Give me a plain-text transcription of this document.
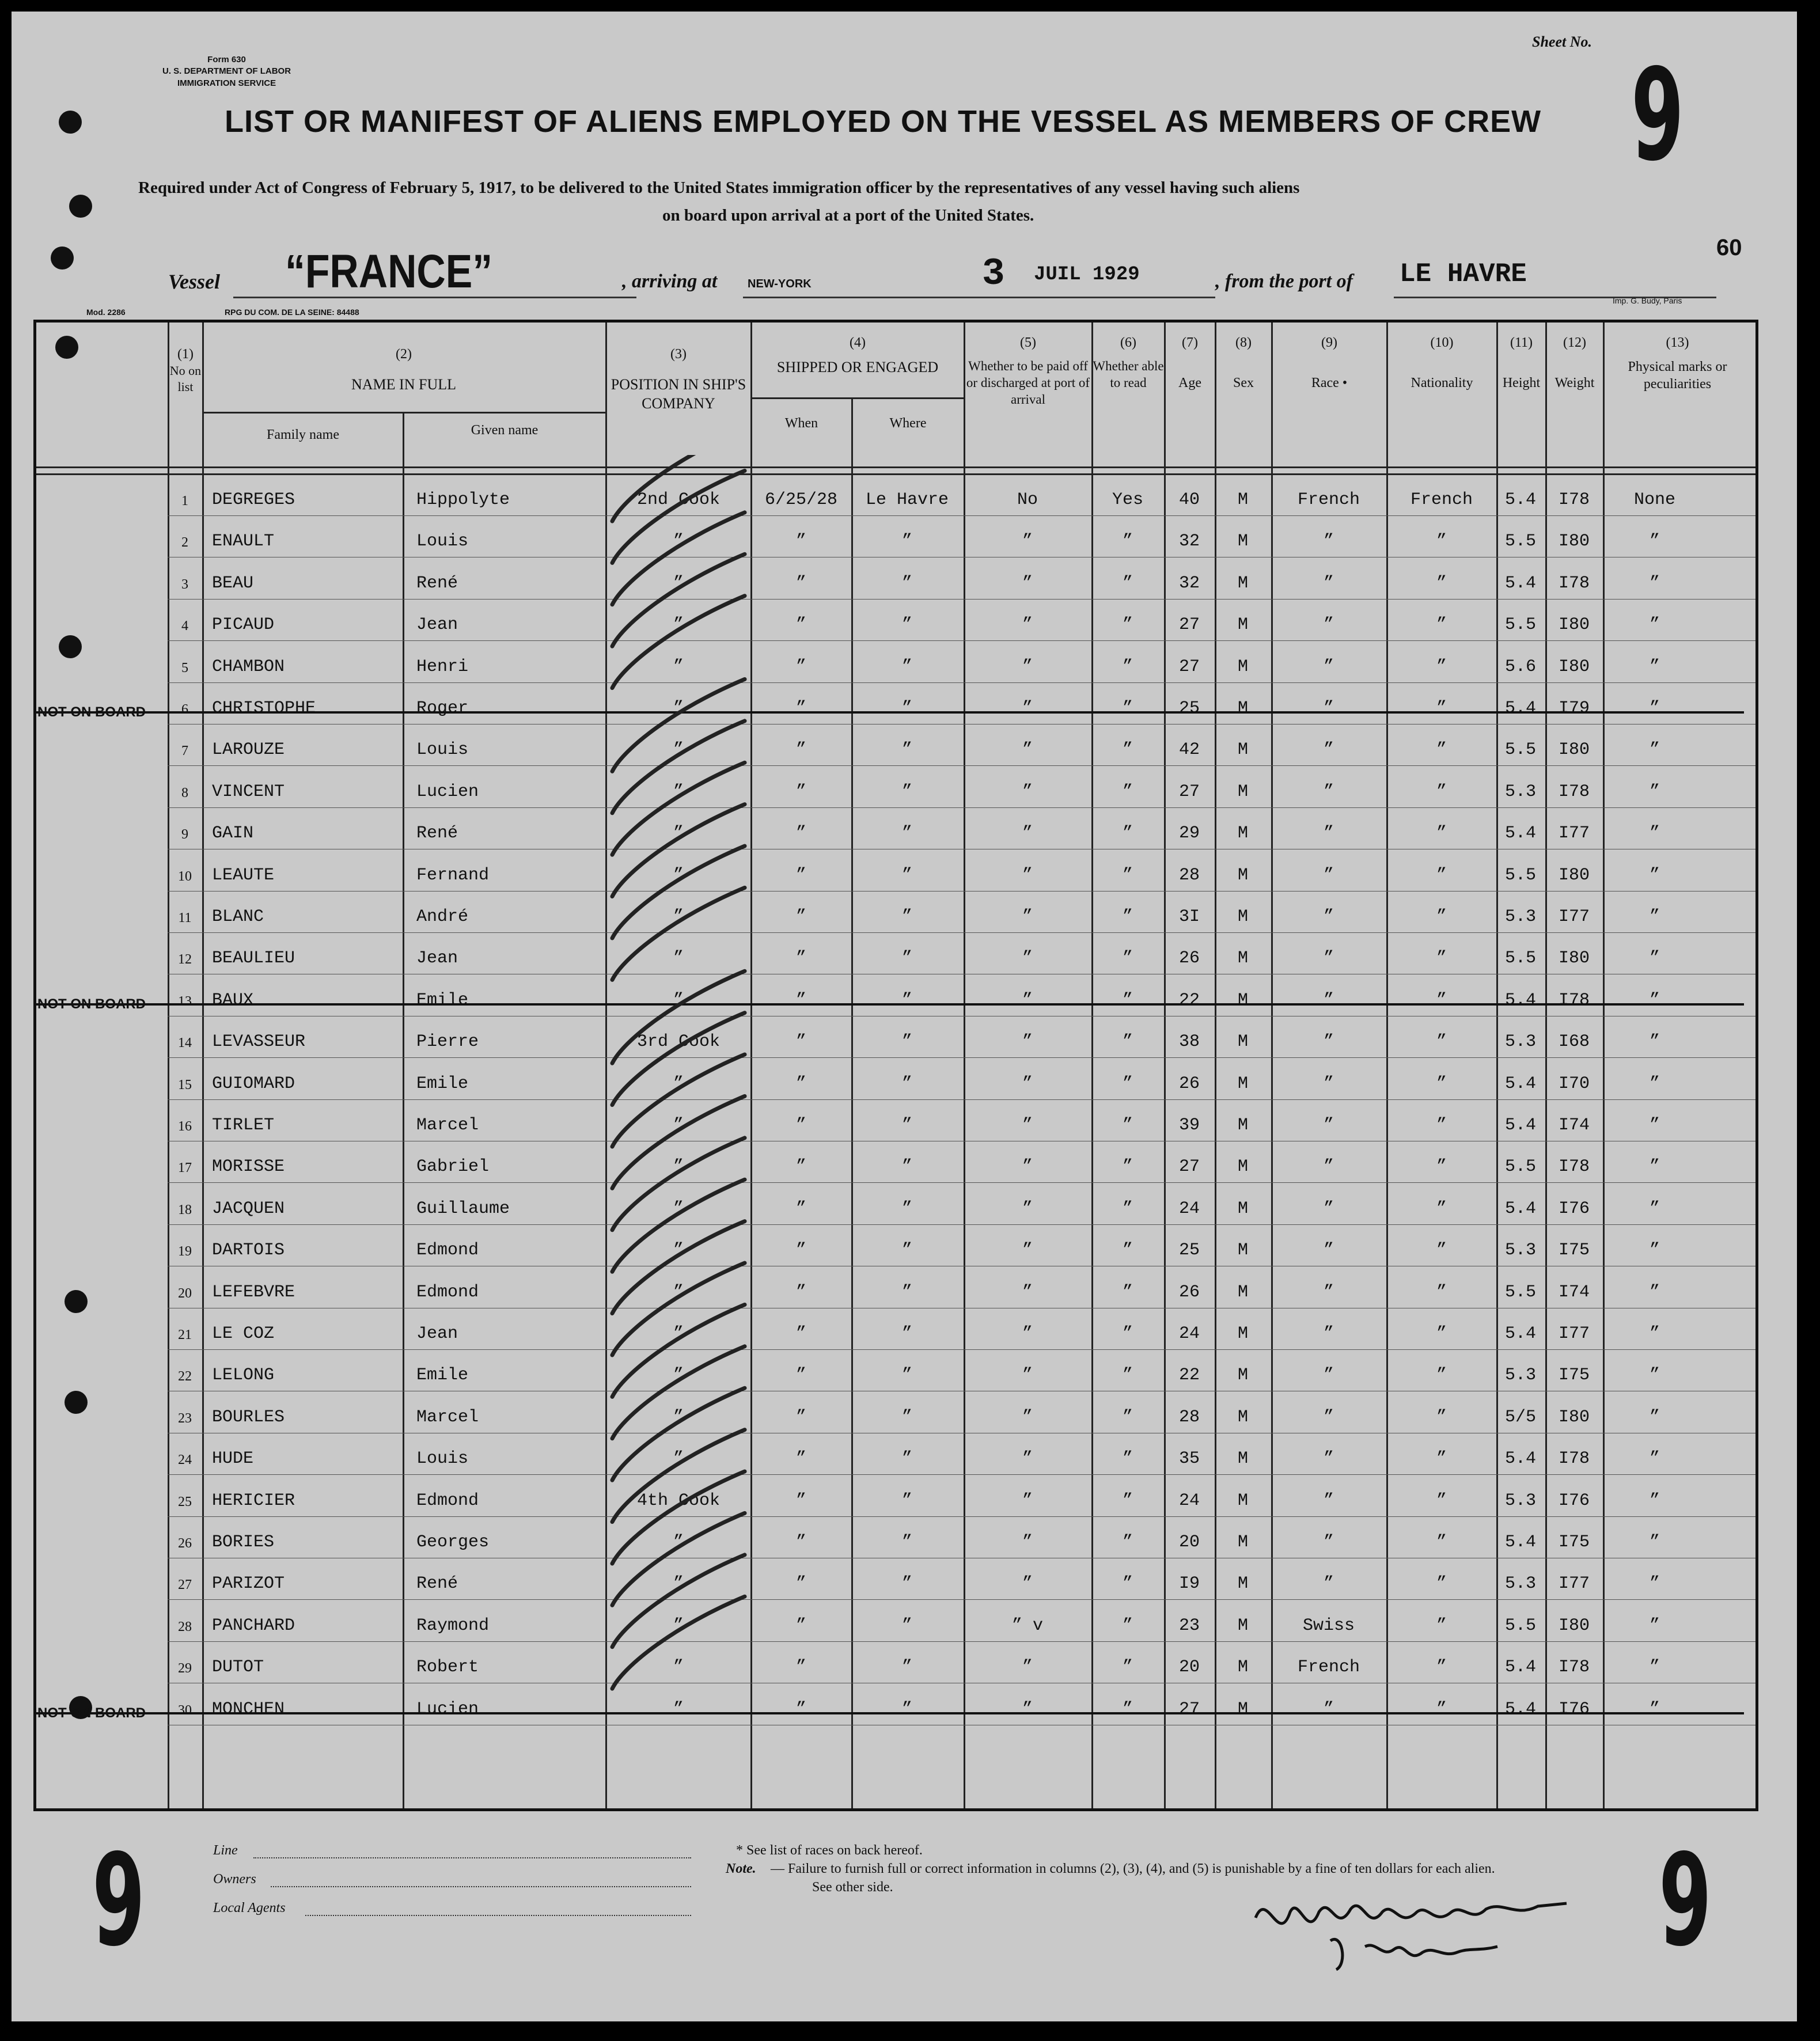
Form 630
U. S. DEPARTMENT OF LABOR
IMMIGRATION SERVICE
Sheet No. 9
LIST OR MANIFEST OF ALIENS EMPLOYED ON THE VESSEL AS MEMBERS OF CREW
Required under Act of Congress of February 5, 1917, to be delivered to the United States immigration officer by the representatives of any vessel having such aliens
on board upon arrival at a port of the United States.
Vessel “FRANCE”	, arriving at	NEW-YORK	3 JUIL 1929	, from the port of LE HAVRE
60
Imp. G. Budy, Paris
Mod. 2286	RPG DU COM. DE LA SEINE: 84488
(1)
No on list
(2)
NAME IN FULL
Family name	Given name
(3)
POSITION IN SHIP'S COMPANY
(4)
SHIPPED OR ENGAGED
When	Where
(5)
Whether to be paid off or discharged at port of arrival
(6)
Whether able to read
(7)
Age
(8)
Sex
(9)
Race •
(10)
Nationality
(11)
Height
(12)
Weight
(13)
Physical marks or peculiarities
1 DEGREGES	Hippolyte	2nd Cook	6/25/28 Le Havre	No	Yes 40 M	French	French 5.4 I78	None
2 ENAULT	Louis	”	”	”	”	”	32 M	”	”	5.5 I80	”
3 BEAU	René	”	”	”	”	”	32 M	”	”	5.4 I78	”
4 PICAUD	Jean	”	”	”	”	”	27 M	”	”	5.5 I80	”
5 CHAMBON	Henri	”	”	”	”	”	27 M	”	”	5.6 I80	”
6 CHRISTOPHE	Roger	”	”	”	”	”	25 M	”	”	5.4 I79	”
NOT ON BOARD
7 LAROUZE	Louis	”	”	”	”	”	42 M	”	”	5.5 I80	”
8 VINCENT	Lucien	”	”	”	”	”	27 M	”	”	5.3 I78	”
9 GAIN	René	”	”	”	”	”	29 M	”	”	5.4 I77	”
10 LEAUTE	Fernand	”	”	”	”	”	28 M	”	”	5.5 I80	”
11 BLANC	André	”	”	”	”	”	3I M	”	”	5.3 I77	”
12 BEAULIEU	Jean	”	”	”	”	”	26 M	”	”	5.5 I80	”
13 BAUX	Emile	”	”	”	”	”	22 M	”	”	5.4 I78	”
NOT ON BOARD
14 LEVASSEUR	Pierre	3rd Cook	”	”	”	”	38 M	”	”	5.3 I68	”
15 GUIOMARD	Emile	”	”	”	”	”	26 M	”	”	5.4 I70	”
16 TIRLET	Marcel	”	”	”	”	”	39 M	”	”	5.4 I74	”
17 MORISSE	Gabriel	”	”	”	”	”	27 M	”	”	5.5 I78	”
18 JACQUEN	Guillaume	”	”	”	”	”	24 M	”	”	5.4 I76	”
19 DARTOIS	Edmond	”	”	”	”	”	25 M	”	”	5.3 I75	”
20 LEFEBVRE	Edmond	”	”	”	”	”	26 M	”	”	5.5 I74	”
21 LE COZ	Jean	”	”	”	”	”	24 M	”	”	5.4 I77	”
22 LELONG	Emile	”	”	”	”	”	22 M	”	”	5.3 I75	”
23 BOURLES	Marcel	”	”	”	”	”	28 M	”	”	5/5 I80	”
24 HUDE	Louis	”	”	”	”	”	35 M	”	”	5.4 I78	”
25 HERICIER	Edmond	4th Cook	”	”	”	”	24 M	”	”	5.3 I76	”
26 BORIES	Georges	”	”	”	”	”	20 M	”	”	5.4 I75	”
27 PARIZOT	René	”	”	”	”	”	I9 M	”	”	5.3 I77	”
28 PANCHARD	Raymond	”	”	”	” v	”	23 M	Swiss	”	5.5 I80	”
29 DUTOT	Robert	”	”	”	”	”	20 M	French	”	5.4 I78	”
30 MONCHEN	Lucien	”	”	”	”	”	27 M	”	”	5.4 I76	”
NOT ON BOARD
9	9
Line
Owners
Local Agents
* See list of races on back hereof.
Note. — Failure to furnish full or correct information in columns (2), (3), (4), and (5) is punishable by a fine of ten dollars for each alien.
See other side.
